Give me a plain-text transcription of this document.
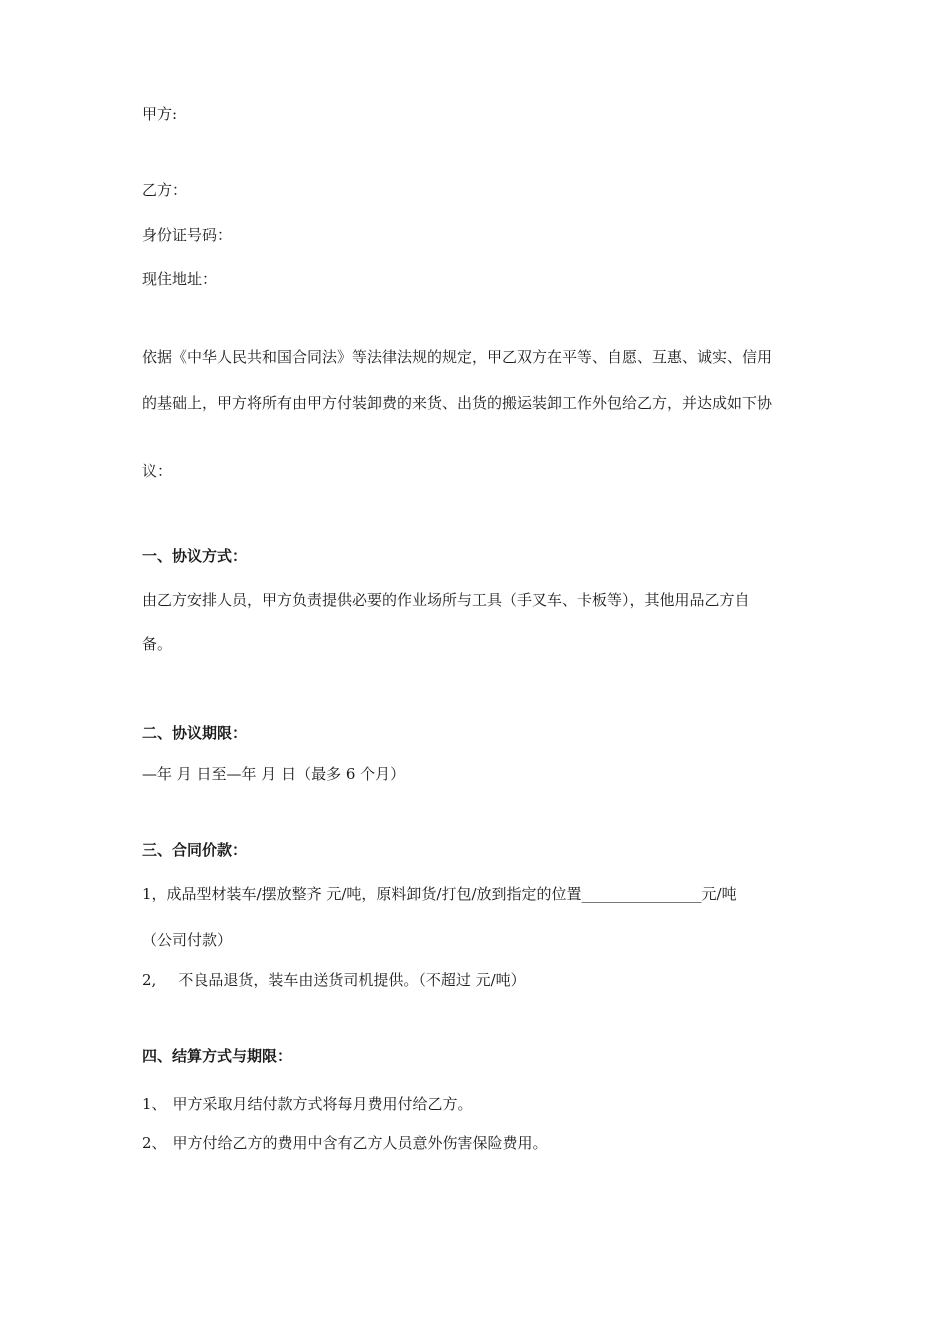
甲方:
乙方：
身份证号码：
现住地址：
依据《中华人民共和国合同法》等法律法规的规定，甲乙双方在平等、自愿、互惠、诚实、信用
的基础上，甲方将所有由甲方付装卸费的来货、出货的搬运装卸工作外包给乙方，并达成如下协
议：
一、协议方式：
由乙方安排人员，甲方负责提供必要的作业场所与工具（手叉车、卡板等），其他用品乙方自
备。
二、协议期限：
—年 月 日至—年 月 日（最多 6 个月）
三、合同价款：
1，成品型材装车/摆放整齐 元/吨，原料卸货/打包/放到指定的位置________________元/吨
（公司付款）
2, 不良品退货，装车由送货司机提供。（不超过 元/吨）
四、结算方式与期限：
1、 甲方采取月结付款方式将每月费用付给乙方。
2、 甲方付给乙方的费用中含有乙方人员意外伤害保险费用。
